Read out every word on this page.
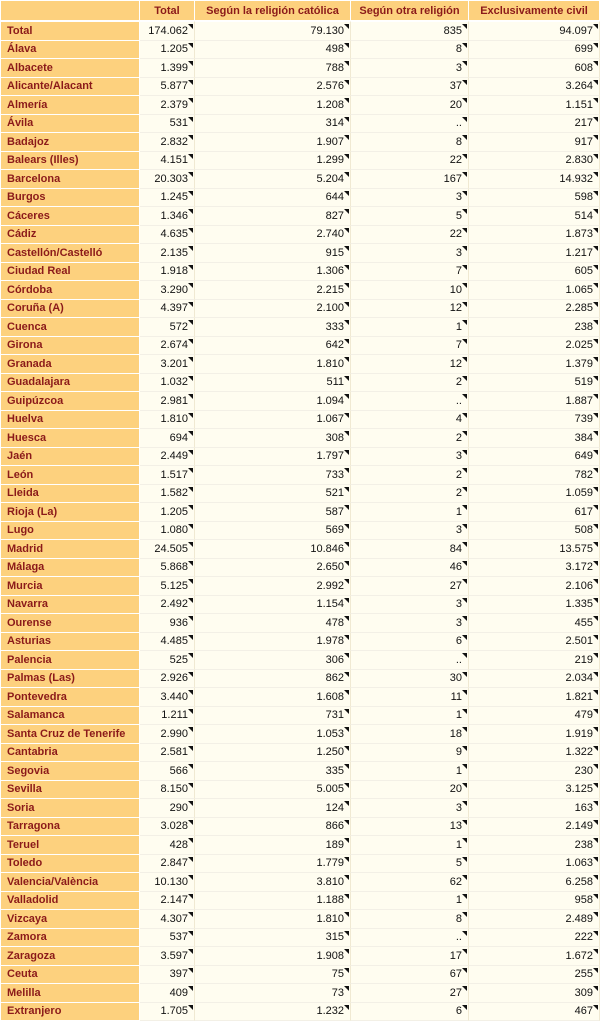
	Total	Según la religión católica	Según otra religión	Exclusivamente civil
Total	174.062	79.130	835	94.097
Álava	1.205	498	8	699
Albacete	1.399	788	3	608
Alicante/Alacant	5.877	2.576	37	3.264
Almería	2.379	1.208	20	1.151
Ávila	531	314	..	217
Badajoz	2.832	1.907	8	917
Balears (Illes)	4.151	1.299	22	2.830
Barcelona	20.303	5.204	167	14.932
Burgos	1.245	644	3	598
Cáceres	1.346	827	5	514
Cádiz	4.635	2.740	22	1.873
Castellón/Castelló	2.135	915	3	1.217
Ciudad Real	1.918	1.306	7	605
Córdoba	3.290	2.215	10	1.065
Coruña (A)	4.397	2.100	12	2.285
Cuenca	572	333	1	238
Girona	2.674	642	7	2.025
Granada	3.201	1.810	12	1.379
Guadalajara	1.032	511	2	519
Guipúzcoa	2.981	1.094	..	1.887
Huelva	1.810	1.067	4	739
Huesca	694	308	2	384
Jaén	2.449	1.797	3	649
León	1.517	733	2	782
Lleida	1.582	521	2	1.059
Rioja (La)	1.205	587	1	617
Lugo	1.080	569	3	508
Madrid	24.505	10.846	84	13.575
Málaga	5.868	2.650	46	3.172
Murcia	5.125	2.992	27	2.106
Navarra	2.492	1.154	3	1.335
Ourense	936	478	3	455
Asturias	4.485	1.978	6	2.501
Palencia	525	306	..	219
Palmas (Las)	2.926	862	30	2.034
Pontevedra	3.440	1.608	11	1.821
Salamanca	1.211	731	1	479
Santa Cruz de Tenerife	2.990	1.053	18	1.919
Cantabria	2.581	1.250	9	1.322
Segovia	566	335	1	230
Sevilla	8.150	5.005	20	3.125
Soria	290	124	3	163
Tarragona	3.028	866	13	2.149
Teruel	428	189	1	238
Toledo	2.847	1.779	5	1.063
Valencia/València	10.130	3.810	62	6.258
Valladolid	2.147	1.188	1	958
Vizcaya	4.307	1.810	8	2.489
Zamora	537	315	..	222
Zaragoza	3.597	1.908	17	1.672
Ceuta	397	75	67	255
Melilla	409	73	27	309
Extranjero	1.705	1.232	6	467
